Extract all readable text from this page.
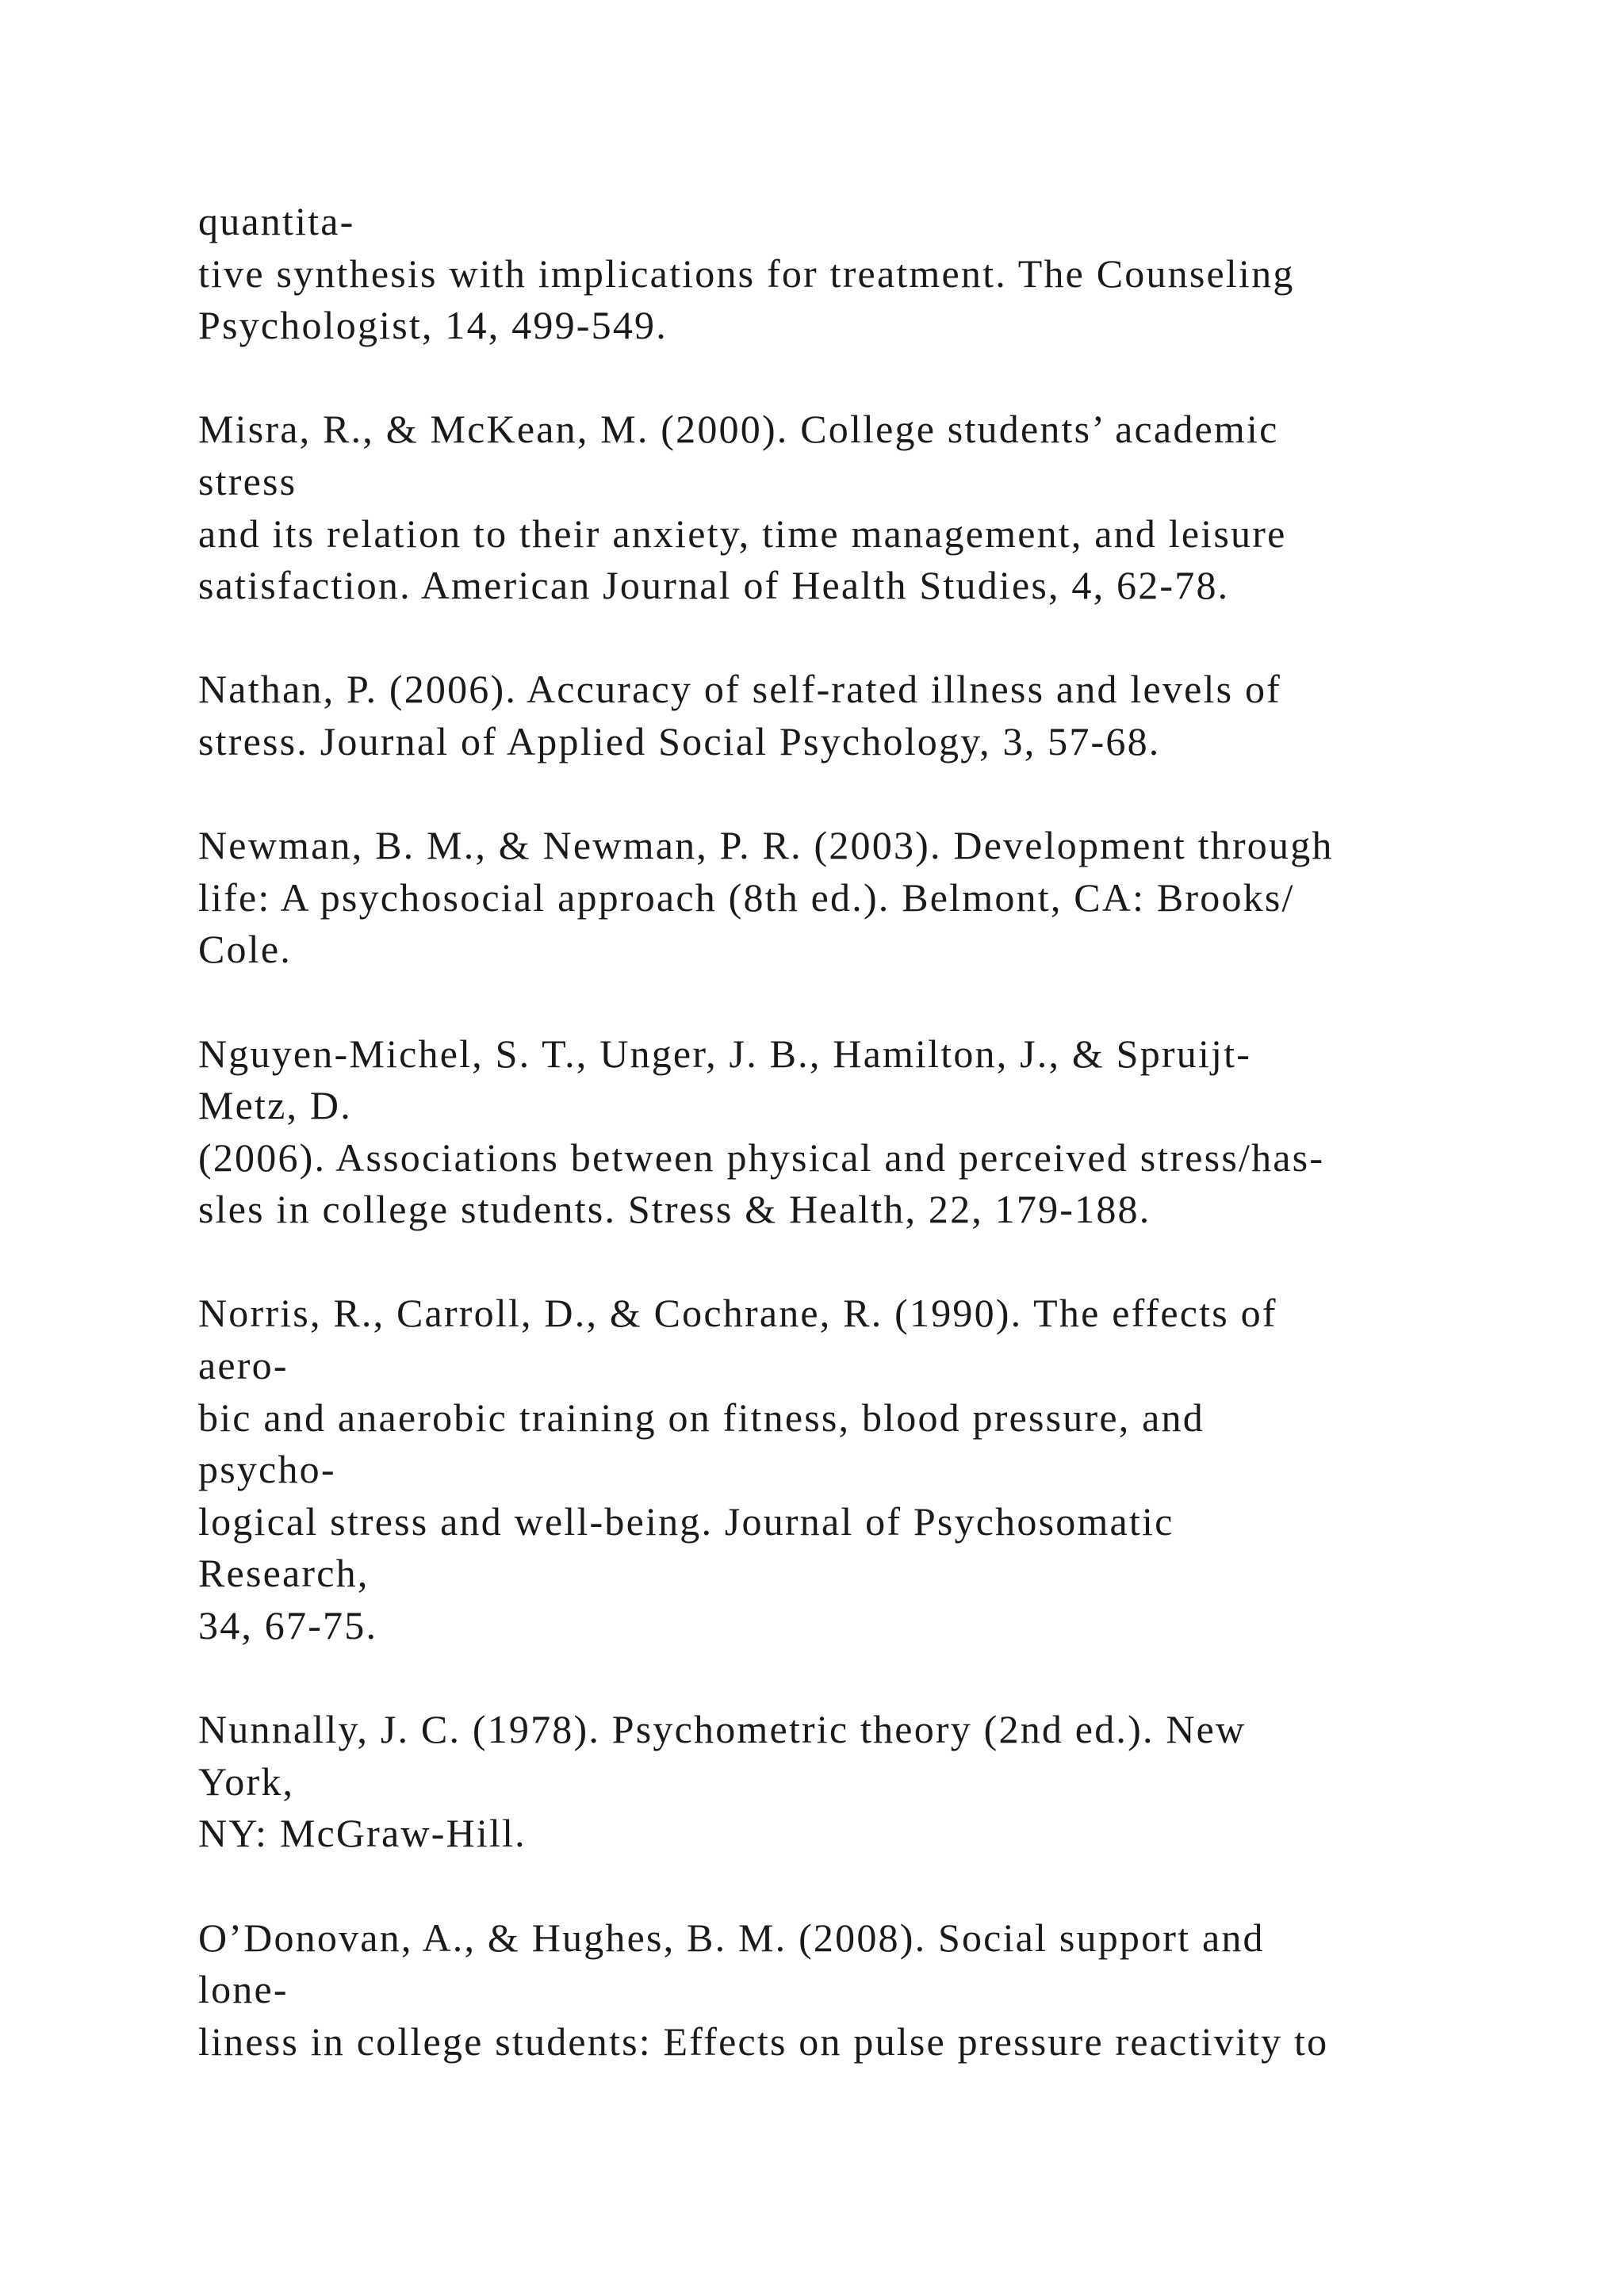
quantita-
tive synthesis with implications for treatment. The Counseling
Psychologist, 14, 499-549.
Misra, R., & McKean, M. (2000). College students’ academic
stress
and its relation to their anxiety, time management, and leisure
satisfaction. American Journal of Health Studies, 4, 62-78.
Nathan, P. (2006). Accuracy of self-rated illness and levels of
stress. Journal of Applied Social Psychology, 3, 57-68.
Newman, B. M., & Newman, P. R. (2003). Development through
life: A psychosocial approach (8th ed.). Belmont, CA: Brooks/
Cole.
Nguyen-Michel, S. T., Unger, J. B., Hamilton, J., & Spruijt-
Metz, D.
(2006). Associations between physical and perceived stress/has-
sles in college students. Stress & Health, 22, 179-188.
Norris, R., Carroll, D., & Cochrane, R. (1990). The effects of
aero-
bic and anaerobic training on fitness, blood pressure, and
psycho-
logical stress and well-being. Journal of Psychosomatic
Research,
34, 67-75.
Nunnally, J. C. (1978). Psychometric theory (2nd ed.). New
York,
NY: McGraw-Hill.
O’Donovan, A., & Hughes, B. M. (2008). Social support and
lone-
liness in college students: Effects on pulse pressure reactivity to
